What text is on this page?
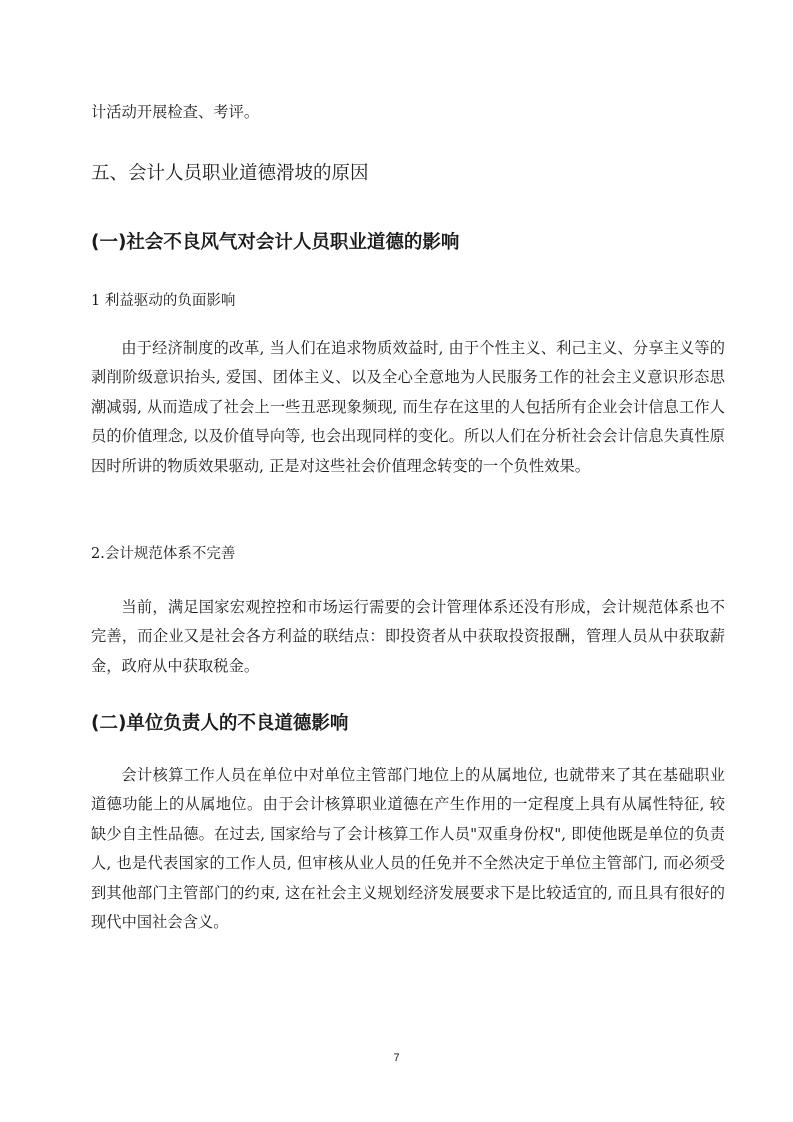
计活动开展检查、考评。

五、会计人员职业道德滑坡的原因
(一)社会不良风气对会计人员职业道德的影响

1 利益驱动的负面影响

由于经济制度的改革, 当人们在追求物质效益时, 由于个性主义、利己主义、分享主义等的剥削阶级意识抬头, 爱国、团体主义、以及全心全意地为人民服务工作的社会主义意识形态思潮减弱, 从而造成了社会上一些丑恶现象频现, 而生存在这里的人包括所有企业会计信息工作人员的价值理念, 以及价值导向等, 也会出现同样的变化。所以人们在分析社会会计信息失真性原因时所讲的物质效果驱动, 正是对这些社会价值理念转变的一个负性效果。

2.会计规范体系不完善

当前，满足国家宏观控控和市场运行需要的会计管理体系还没有形成，会计规范体系也不完善，而企业又是社会各方利益的联结点：即投资者从中获取投资报酬，管理人员从中获取薪金，政府从中获取税金。

(二)单位负责人的不良道德影响

会计核算工作人员在单位中对单位主管部门地位上的从属地位, 也就带来了其在基础职业道德功能上的从属地位。由于会计核算职业道德在产生作用的一定程度上具有从属性特征, 较缺少自主性品德。在过去, 国家给与了会计核算工作人员"双重身份权", 即使他既是单位的负责人, 也是代表国家的工作人员, 但审核从业人员的任免并不全然决定于单位主管部门, 而必须受到其他部门主管部门的约束, 这在社会主义规划经济发展要求下是比较适宜的, 而且具有很好的现代中国社会含义。

7
